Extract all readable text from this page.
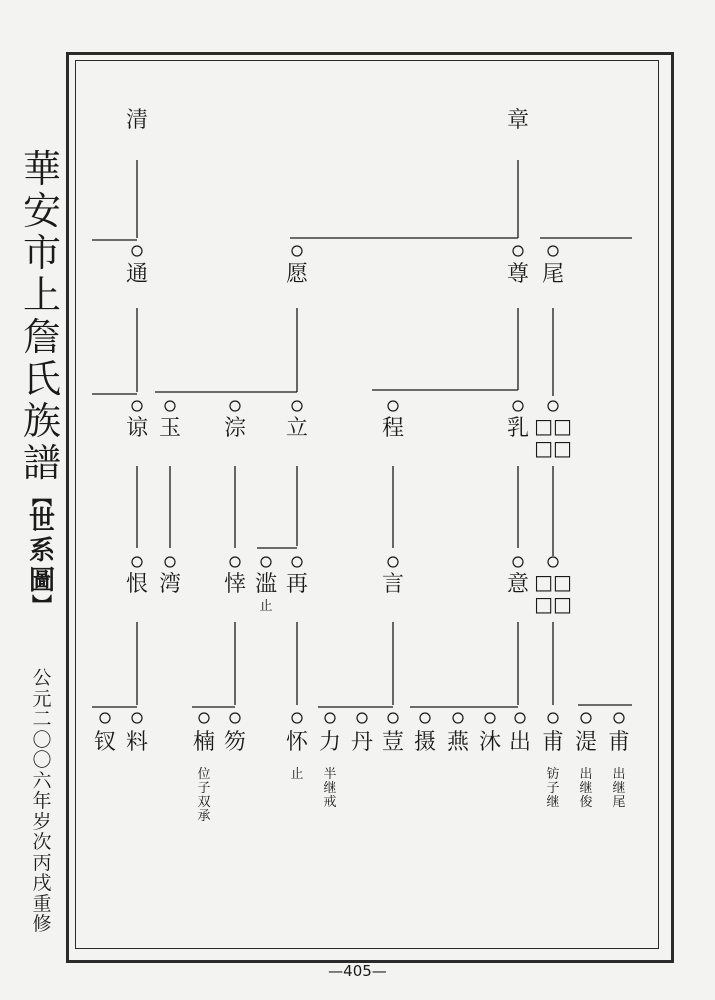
華
安
市
上
詹
氏
族
譜
︻
世
系
圖
︼
公
元
二
〇
〇
六
年
岁
次
丙
戌
重
修
清	章
通	愿	尊 尾
谅 玉 淙 立	程	乳 □□
□□
恨 湾 悻 滥
止
再	言	意 □□
□□
钗 料 楠 笏 怀 力 丹 荳 摄 燕 沐 出 甫 湜 甫
位
子
双
承
止 半
继
戒
钫
子
继
出
继
俊
出
继
尾
—405—
